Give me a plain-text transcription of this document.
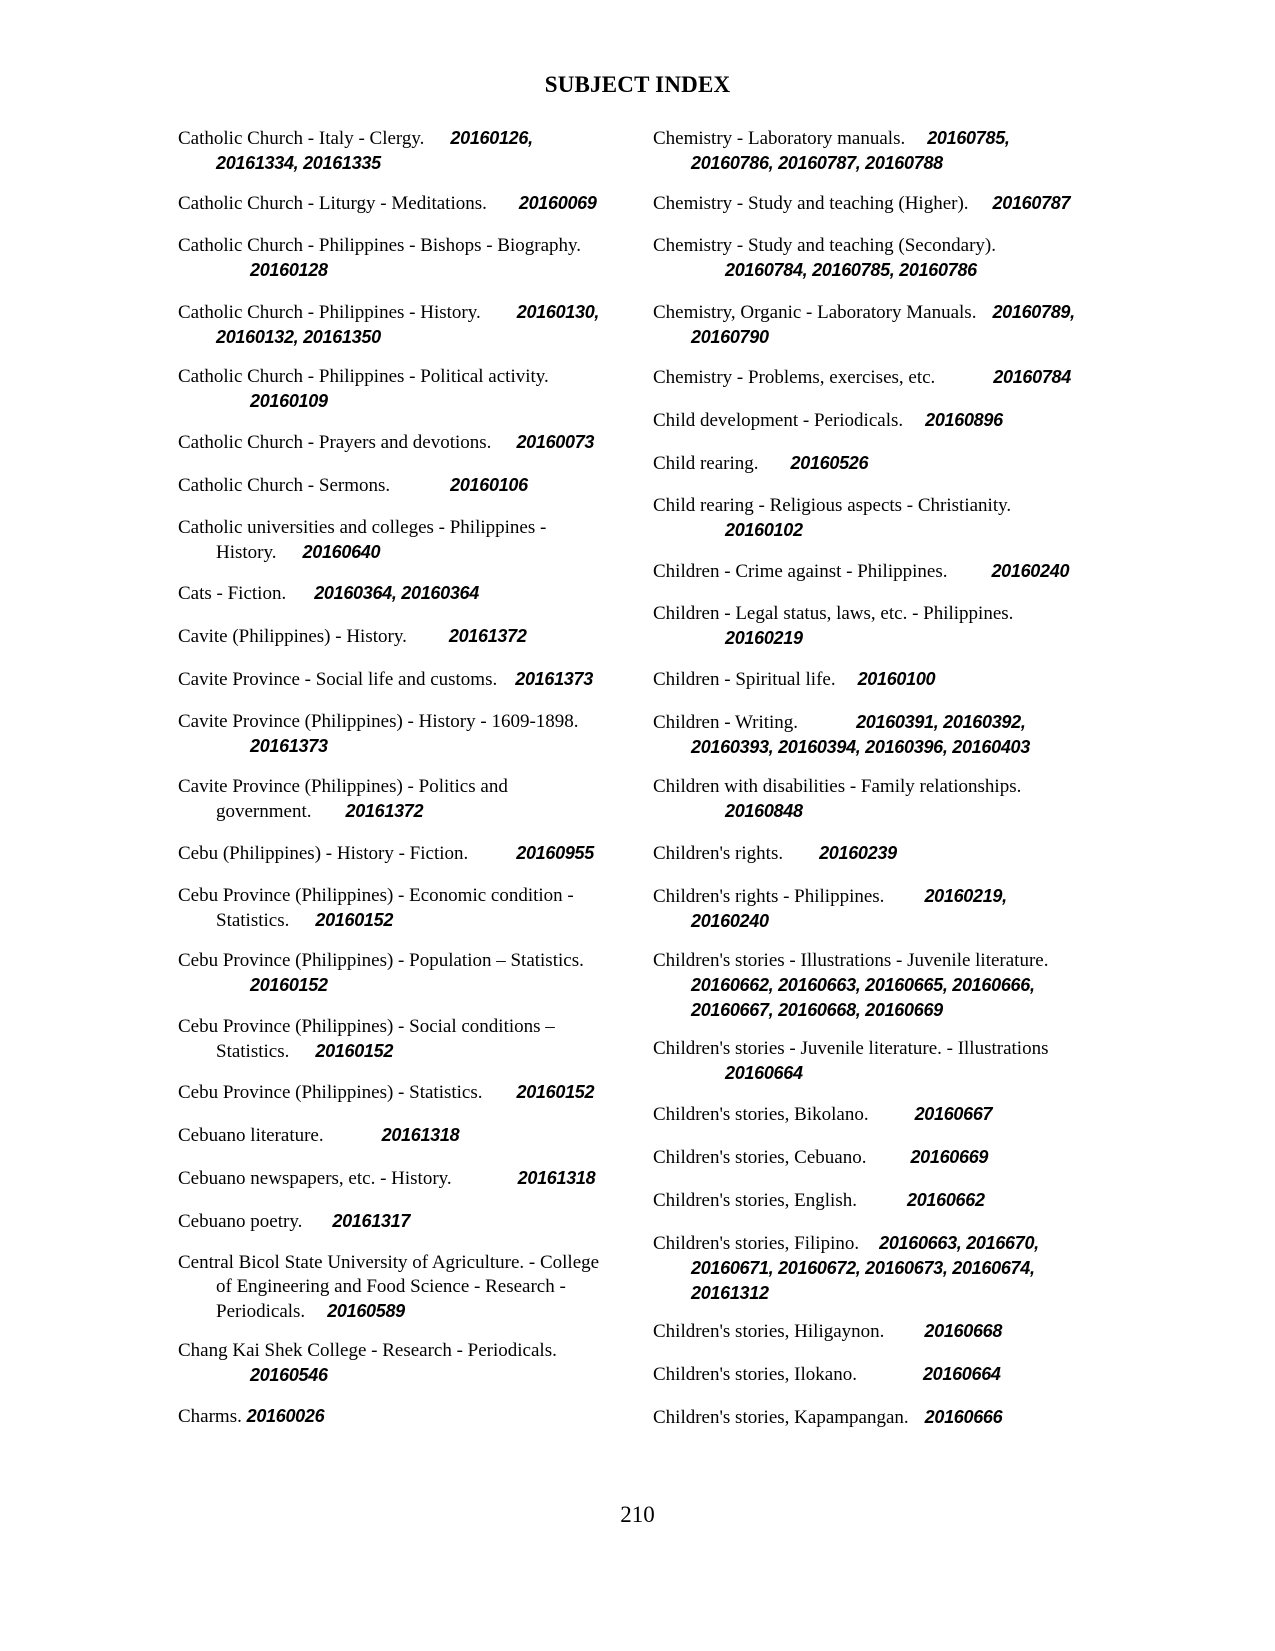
SUBJECT INDEX
Catholic Church - Italy - Clergy. 20160126,
20161334, 20161335
Catholic Church - Liturgy - Meditations. 20160069
Catholic Church - Philippines - Bishops - Biography.
20160128
Catholic Church - Philippines - History. 20160130,
20160132, 20161350
Catholic Church - Philippines - Political activity.
20160109
Catholic Church - Prayers and devotions. 20160073
Catholic Church - Sermons.	20160106
Catholic universities and colleges - Philippines -
History. 20160640
Cats - Fiction. 20160364, 20160364
Cavite (Philippines) - History. 20161372
Cavite Province - Social life and customs. 20161373
Cavite Province (Philippines) - History - 1609-1898.
20161373
Cavite Province (Philippines) - Politics and
government. 20161372
Cebu (Philippines) - History - Fiction.	20160955
Cebu Province (Philippines) - Economic condition -
Statistics. 20160152
Cebu Province (Philippines) - Population – Statistics.
20160152
Cebu Province (Philippines) - Social conditions –
Statistics. 20160152
Cebu Province (Philippines) - Statistics. 20160152
Cebuano literature.	20161318
Cebuano newspapers, etc. - History.	20161318
Cebuano poetry. 20161317
Central Bicol State University of Agriculture. - College
of Engineering and Food Science - Research -
Periodicals. 20160589
Chang Kai Shek College - Research - Periodicals.
20160546
Charms. 20160026
Chemistry - Laboratory manuals. 20160785,
20160786, 20160787, 20160788
Chemistry - Study and teaching (Higher). 20160787
Chemistry - Study and teaching (Secondary).
20160784, 20160785, 20160786
Chemistry, Organic - Laboratory Manuals. 20160789,
20160790
Chemistry - Problems, exercises, etc.	20160784
Child development - Periodicals. 20160896
Child rearing. 20160526
Child rearing - Religious aspects - Christianity.
20160102
Children - Crime against - Philippines. 20160240
Children - Legal status, laws, etc. - Philippines.
20160219
Children - Spiritual life. 20160100
Children - Writing.	20160391, 20160392,
20160393, 20160394, 20160396, 20160403
Children with disabilities - Family relationships.
20160848
Children's rights. 20160239
Children's rights - Philippines. 20160219,
20160240
Children's stories - Illustrations - Juvenile literature.
20160662, 20160663, 20160665, 20160666,
20160667, 20160668, 20160669
Children's stories - Juvenile literature. - Illustrations
20160664
Children's stories, Bikolano.	20160667
Children's stories, Cebuano. 20160669
Children's stories, English.	20160662
Children's stories, Filipino. 20160663, 2016670,
20160671, 20160672, 20160673, 20160674,
20161312
Children's stories, Hiligaynon. 20160668
Children's stories, Ilokano.	20160664
Children's stories, Kapampangan. 20160666
210
